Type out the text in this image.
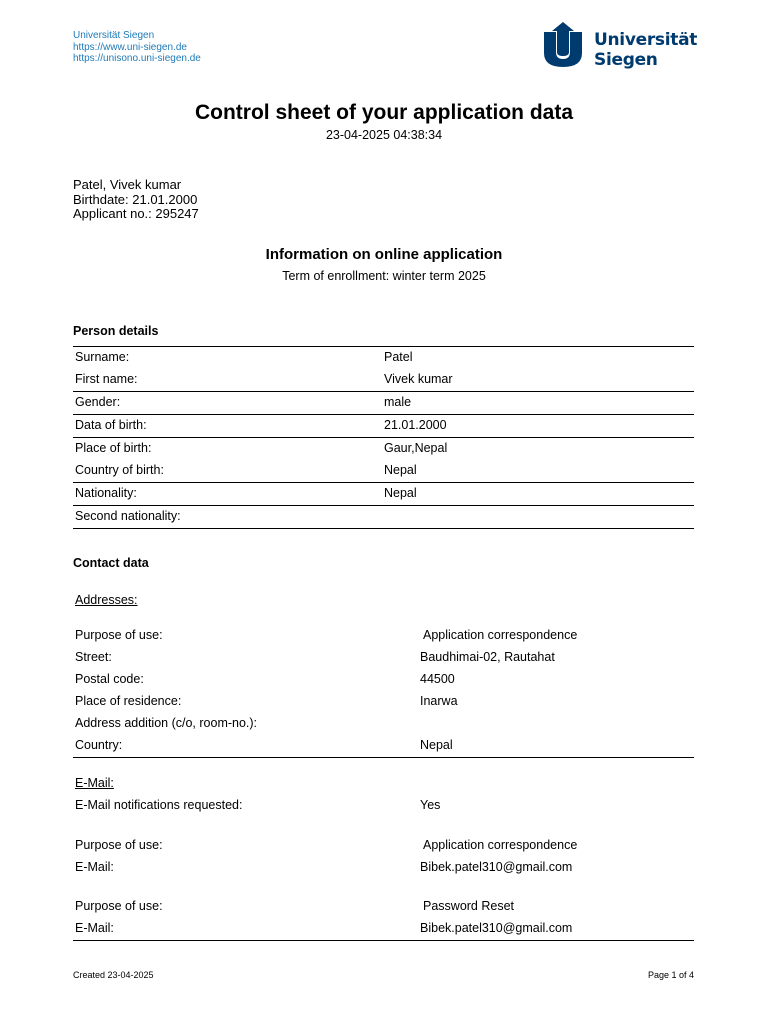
Universität Siegen
https://www.uni-siegen.de
https://unisono.uni-siegen.de
Universität
Siegen
Control sheet of your application data
23-04-2025 04:38:34
Patel, Vivek kumar
Birthdate: 21.01.2000
Applicant no.: 295247
Information on online application
Term of enrollment: winter term 2025
Person details
Surname:	Patel
First name:	Vivek kumar
Gender:	male
Data of birth:	21.01.2000
Place of birth:	Gaur,Nepal
Country of birth:	Nepal
Nationality:	Nepal
Second nationality:
Contact data
Addresses:
Purpose of use:	Application correspondence
Street:	Baudhimai-02, Rautahat
Postal code:	44500
Place of residence:	Inarwa
Address addition (c/o, room-no.):
Country:	Nepal
E-Mail:
E-Mail notifications requested:	Yes
Purpose of use:	Application correspondence
E-Mail:	Bibek.patel310@gmail.com
Purpose of use:	Password Reset
E-Mail:	Bibek.patel310@gmail.com
Created 23-04-2025	Page 1 of 4
